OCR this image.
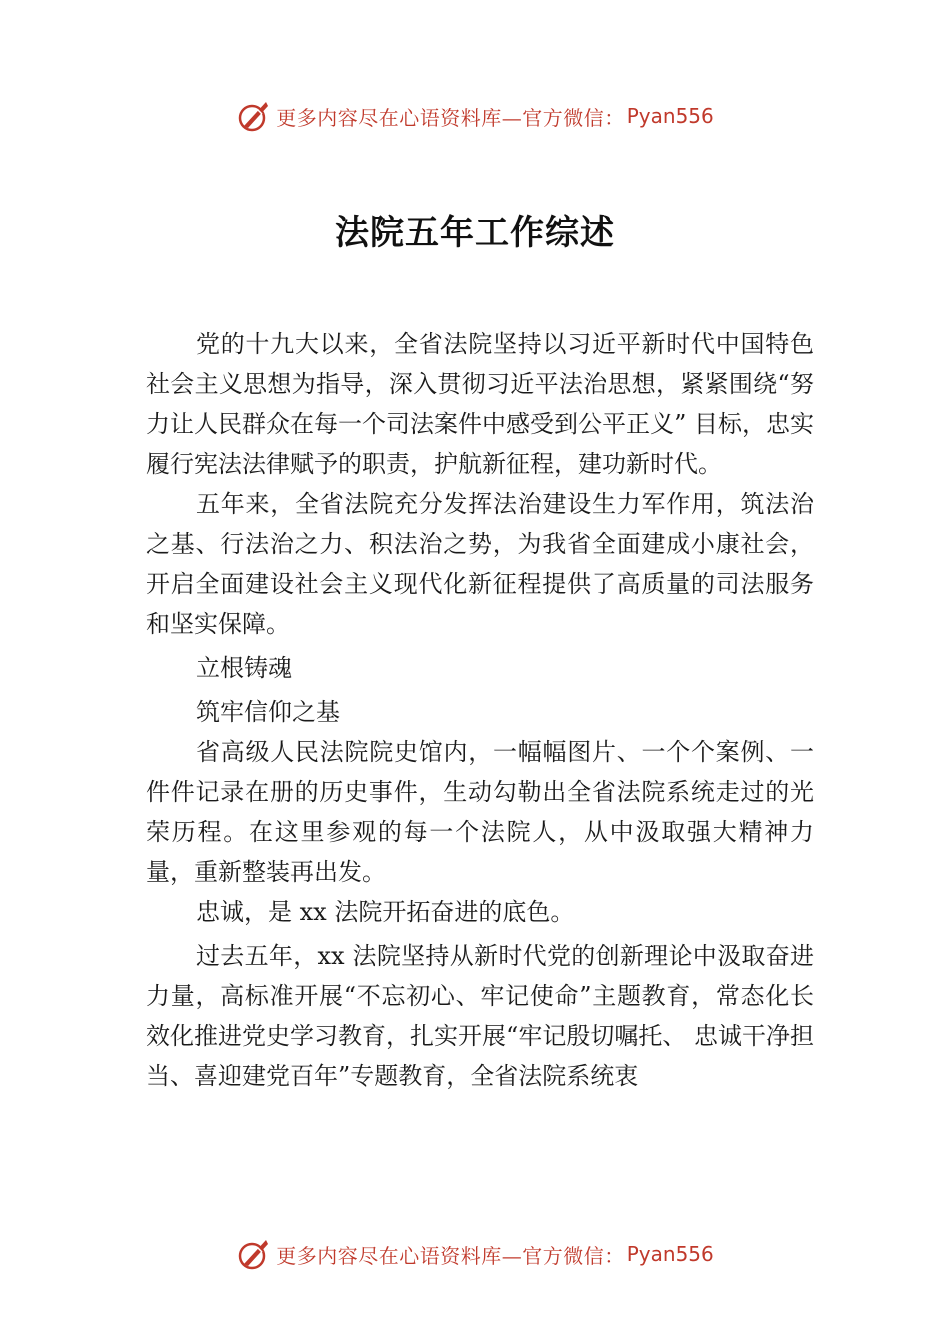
更多内容尽在心语资料库—官方微信： Pyan556
法院五年工作综述

党的十九大以来，全省法院坚持以习近平新时代中国特色社会主义思想为指导，深入贯彻习近平法治思想，紧紧围绕“努力让人民群众在每一个司法案件中感受到公平正义” 目标，忠实履行宪法法律赋予的职责，护航新征程，建功新时代。

五年来，全省法院充分发挥法治建设生力军作用，筑法治之基、行法治之力、积法治之势，为我省全面建成小康社会，开启全面建设社会主义现代化新征程提供了高质量的司法服务和坚实保障。

立根铸魂

筑牢信仰之基

省高级人民法院院史馆内，一幅幅图片、一个个案例、一件件记录在册的历史事件，生动勾勒出全省法院系统走过的光荣历程。在这里参观的每一个法院人，从中汲取强大精神力量，重新整装再出发。

忠诚，是 xx 法院开拓奋进的底色。

过去五年，xx 法院坚持从新时代党的创新理论中汲取奋进力量，高标准开展“不忘初心、牢记使命”主题教育，常态化长效化推进党史学习教育，扎实开展“牢记殷切嘱托、 忠诚干净担当、喜迎建党百年”专题教育，全省法院系统衷

更多内容尽在心语资料库—官方微信： Pyan556
